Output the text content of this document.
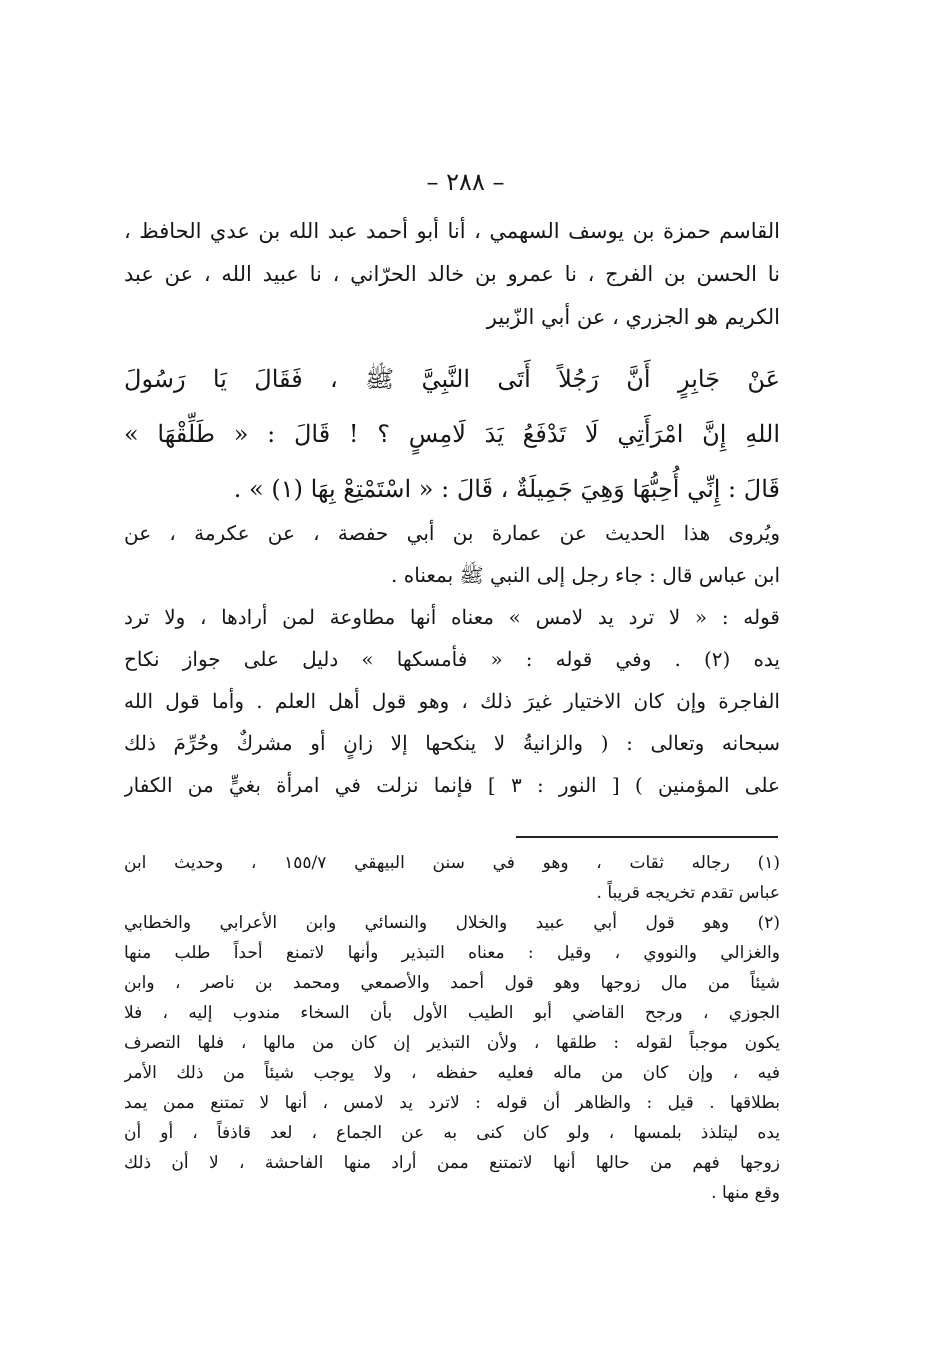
– ٢٨٨ –
القاسم حمزة بن يوسف السهمي ، أنا أبو أحمد عبد الله بن عدي الحافظ ،
نا الحسن بن الفرج ، نا عمرو بن خالد الحرّاني ، نا عبيد الله ، عن عبد
الكريم هو الجزري ، عن أبي الزّبير
عَنْ جَابِرٍ أَنَّ رَجُلاً أَتَى النَّبِيَّ ﷺ ، فَقَالَ يَا رَسُولَ
اللهِ إِنَّ امْرَأَتِي لَا تَدْفَعُ يَدَ لَامِسٍ ؟ ! قَالَ : « طَلِّقْهَا »
قَالَ : إِنِّي أُحِبُّهَا وَهِيَ جَمِيلَةٌ ، قَالَ : « اسْتَمْتِعْ بِهَا (١) » .
ويُروى هذا الحديث عن عمارة بن أبي حفصة ، عن عكرمة ، عن
ابن عباس قال : جاء رجل إلى النبي ﷺ بمعناه .
قوله : « لا ترد يد لامس » معناه أنها مطاوعة لمن أرادها ، ولا ترد
يده (٢) . وفي قوله : « فأمسكها » دليل على جواز نكاح
الفاجرة وإن كان الاختيار غيرَ ذلك ، وهو قول أهل العلم . وأما قول الله
سبحانه وتعالى : ( والزانيةُ لا ينكحها إلا زانٍ أو مشركٌ وحُرِّمَ ذلك
على المؤمنين ) [ النور : ٣ ] فإنما نزلت في امرأة بغيٍّ من الكفار
(١) رجاله ثقات ، وهو في سنن البيهقي ١٥٥/٧ ، وحديث ابن
عباس تقدم تخريجه قريباً .
(٢) وهو قول أبي عبيد والخلال والنسائي وابن الأعرابي والخطابي
والغزالي والنووي ، وقيل : معناه التبذير وأنها لاتمنع أحداً طلب منها
شيئاً من مال زوجها وهو قول أحمد والأصمعي ومحمد بن ناصر ، وابن
الجوزي ، ورجح القاضي أبو الطيب الأول بأن السخاء مندوب إليه ، فلا
يكون موجباً لقوله : طلقها ، ولأن التبذير إن كان من مالها ، فلها التصرف
فيه ، وإن كان من ماله فعليه حفظه ، ولا يوجب شيئاً من ذلك الأمر
بطلاقها . قيل : والظاهر أن قوله : لاترد يد لامس ، أنها لا تمتنع ممن يمد
يده ليتلذذ بلمسها ، ولو كان كنى به عن الجماع ، لعد قاذفاً ، أو أن
زوجها فهم من حالها أنها لاتمتنع ممن أراد منها الفاحشة ، لا أن ذلك
وقع منها .
